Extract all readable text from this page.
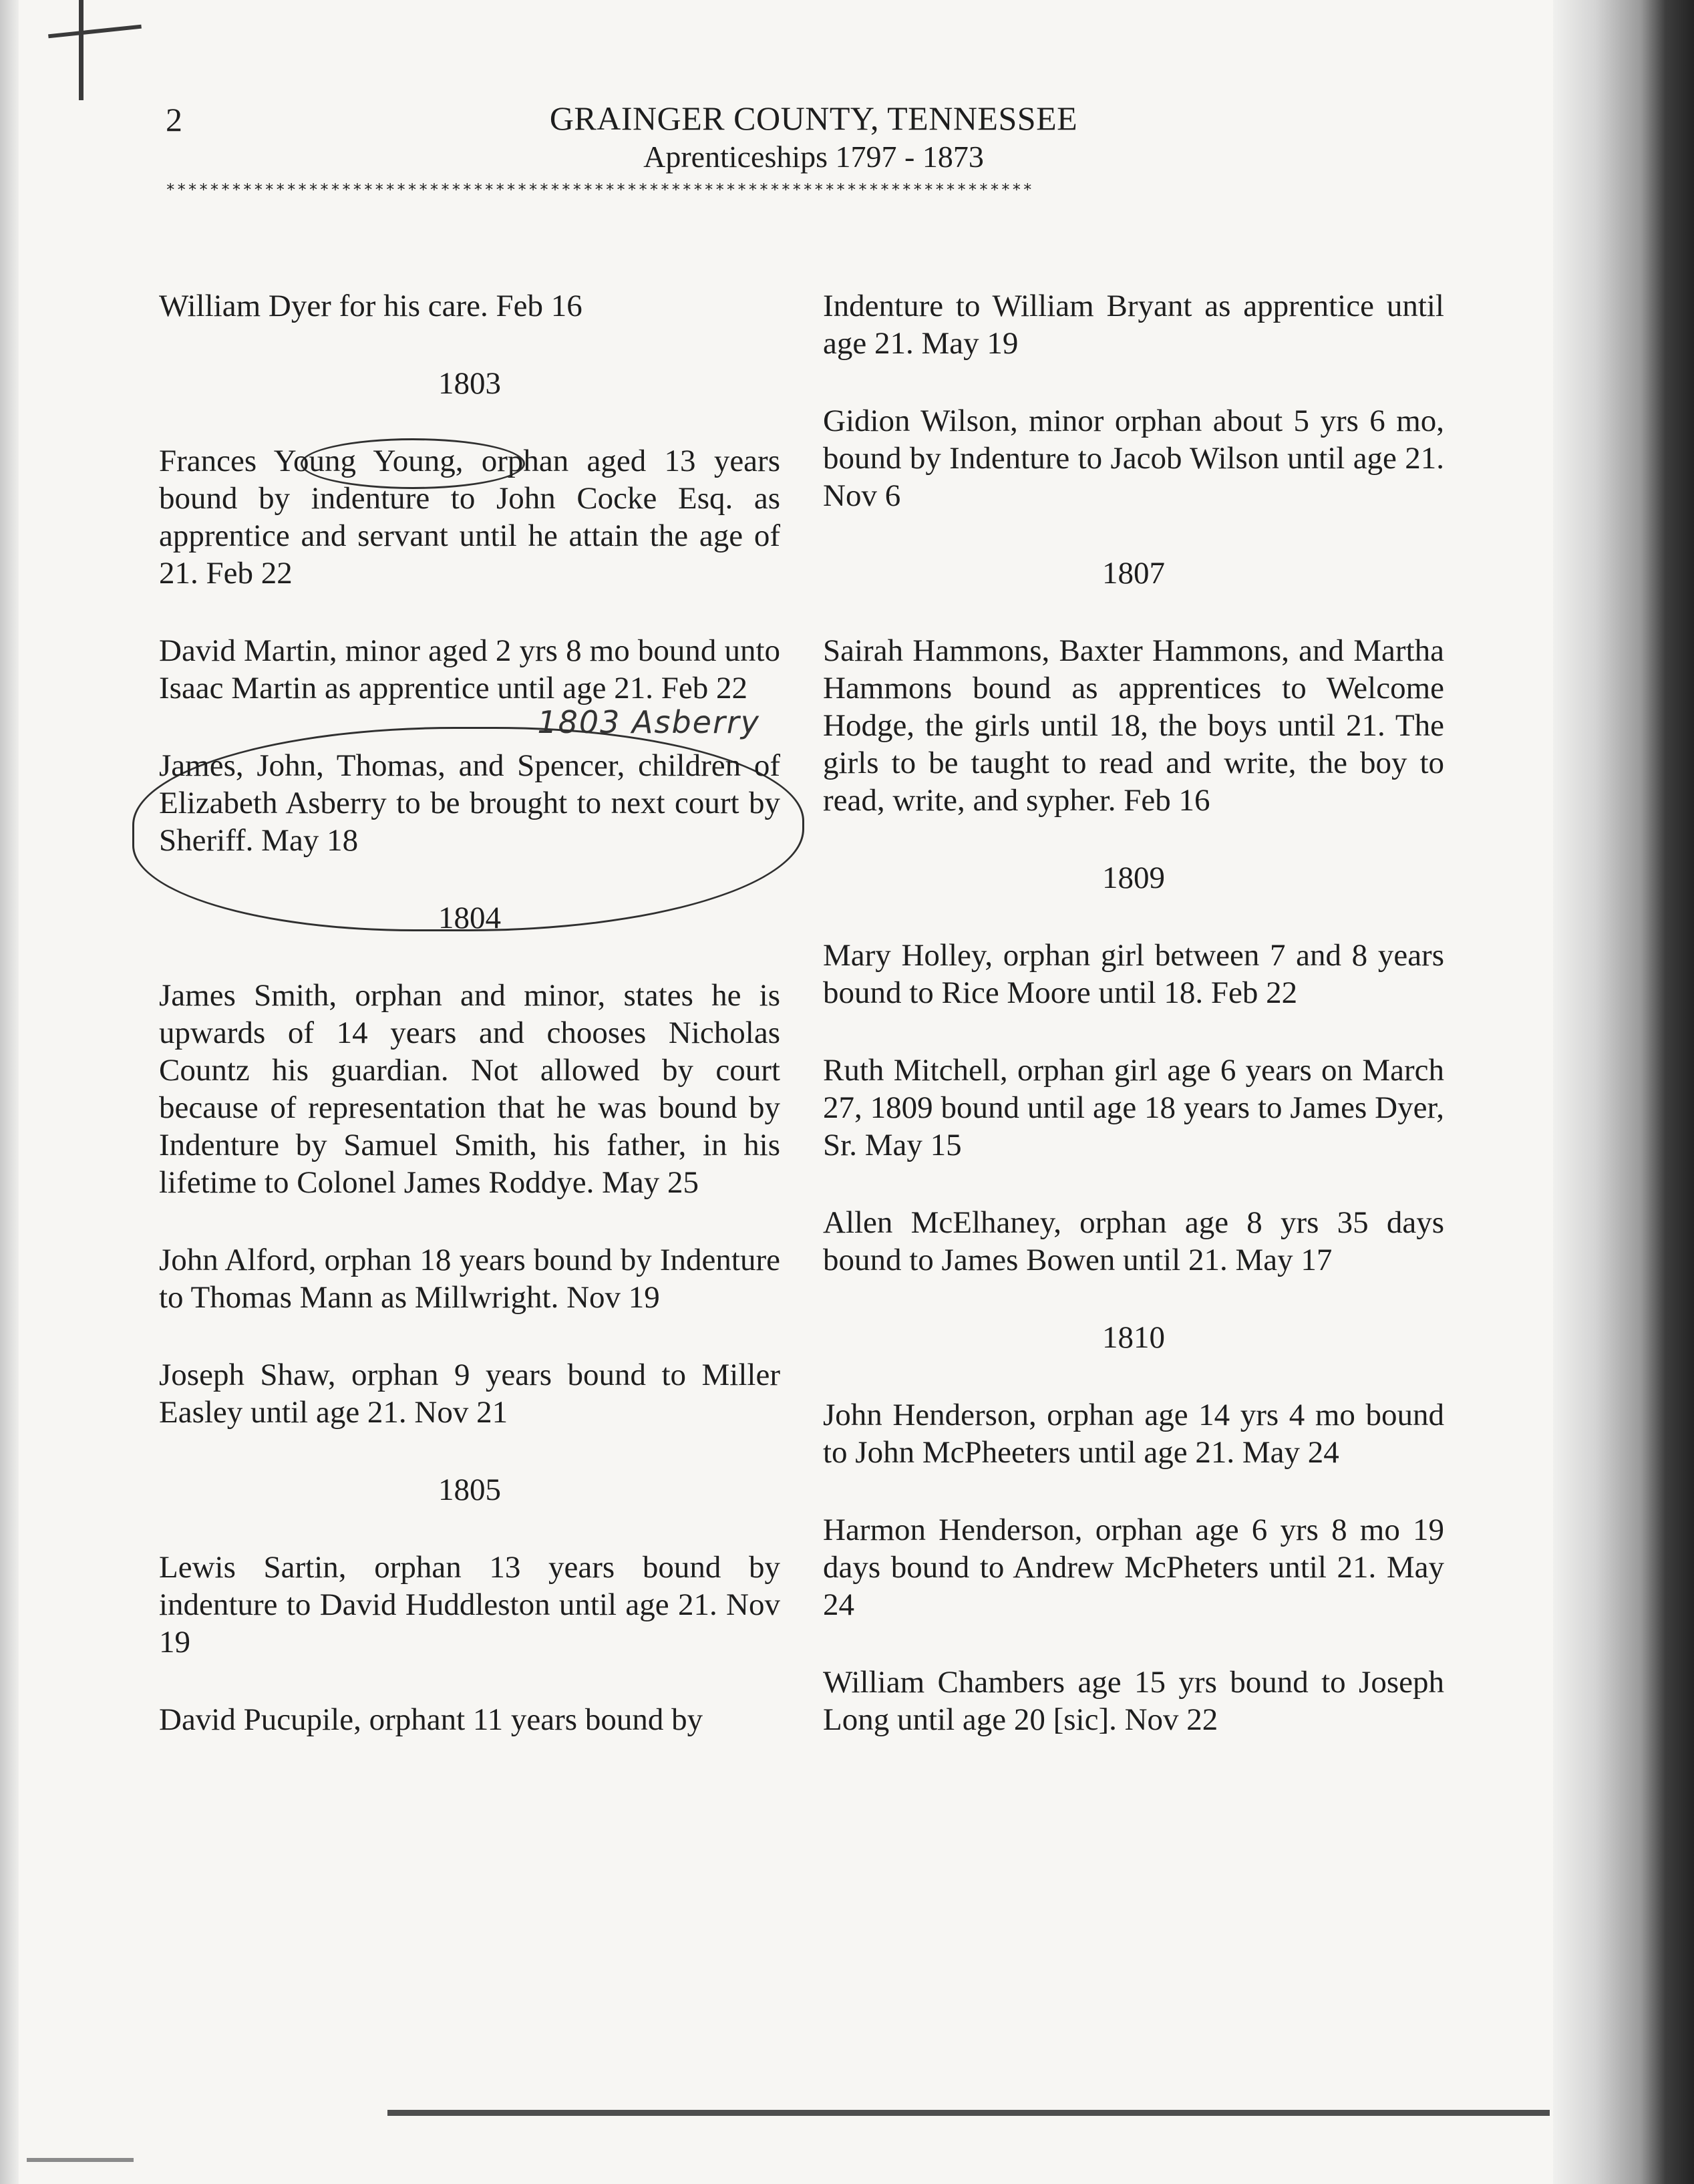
2	GRAINGER COUNTY, TENNESSEE
Aprenticeships 1797 - 1873
*******************************************************************************

William Dyer for his care. Feb 16

1803

Frances Young Young, orphan aged 13 years bound by indenture to John Cocke Esq. as apprentice and servant until he attain the age of 21. Feb 22

David Martin, minor aged 2 yrs 8 mo bound unto Isaac Martin as apprentice until age 21. Feb 22

1803 Asberry

James, John, Thomas, and Spencer, children of Elizabeth Asberry to be brought to next court by Sheriff. May 18

1804

James Smith, orphan and minor, states he is upwards of 14 years and chooses Nicholas Countz his guardian. Not allowed by court because of representation that he was bound by Indenture by Samuel Smith, his father, in his lifetime to Colonel James Roddye. May 25

John Alford, orphan 18 years bound by Indenture to Thomas Mann as Millwright. Nov 19

Joseph Shaw, orphan 9 years bound to Miller Easley until age 21. Nov 21

1805

Lewis Sartin, orphan 13 years bound by indenture to David Huddleston until age 21. Nov 19

David Pucupile, orphant 11 years bound by

Indenture to William Bryant as apprentice until age 21. May 19

Gidion Wilson, minor orphan about 5 yrs 6 mo, bound by Indenture to Jacob Wilson until age 21. Nov 6

1807

Sairah Hammons, Baxter Hammons, and Martha Hammons bound as apprentices to Welcome Hodge, the girls until 18, the boys until 21. The girls to be taught to read and write, the boy to read, write, and sypher. Feb 16

1809

Mary Holley, orphan girl between 7 and 8 years bound to Rice Moore until 18. Feb 22

Ruth Mitchell, orphan girl age 6 years on March 27, 1809 bound until age 18 years to James Dyer, Sr. May 15

Allen McElhaney, orphan age 8 yrs 35 days bound to James Bowen until 21. May 17

1810

John Henderson, orphan age 14 yrs 4 mo bound to John McPheeters until age 21. May 24

Harmon Henderson, orphan age 6 yrs 8 mo 19 days bound to Andrew McPheters until 21. May 24

William Chambers age 15 yrs bound to Joseph Long until age 20 [sic]. Nov 22
